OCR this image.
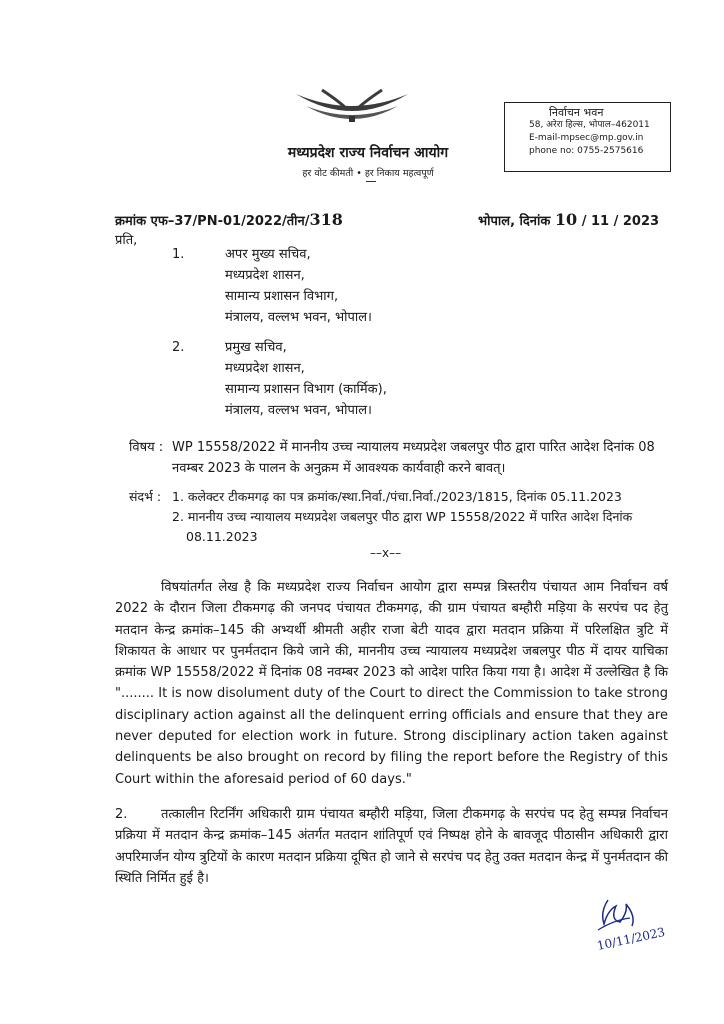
मध्यप्रदेश राज्य निर्वाचन आयोग
हर वोट कीमती • हर निकाय महत्वपूर्ण
निर्वाचन भवन
58, अरेरा हिल्स, भोपाल–462011
E-mail-mpsec@mp.gov.in
phone no: 0755-2575616
क्रमांक एफ–37/PN-01/2022/तीन/318	भोपाल, दिनांक 10 / 11 / 2023
प्रति,
1.	अपर मुख्य सचिव,
मध्यप्रदेश शासन,
सामान्य प्रशासन विभाग,
मंत्रालय, वल्लभ भवन, भोपाल।
2.	प्रमुख सचिव,
मध्यप्रदेश शासन,
सामान्य प्रशासन विभाग (कार्मिक),
मंत्रालय, वल्लभ भवन, भोपाल।
विषय : WP 15558/2022 में माननीय उच्च न्यायालय मध्यप्रदेश जबलपुर पीठ द्वारा पारित आदेश दिनांक 08 नवम्बर 2023 के पालन के अनुक्रम में आवश्यक कार्यवाही करने बावत्।
संदर्भ : 1. कलेक्टर टीकमगढ़ का पत्र क्रमांक/स्था.निर्वा./पंचा.निर्वा./2023/1815, दिनांक 05.11.2023
2. माननीय उच्च न्यायालय मध्यप्रदेश जबलपुर पीठ द्वारा WP 15558/2022 में पारित आदेश दिनांक 08.11.2023
––x––
विषयांतर्गत लेख है कि मध्यप्रदेश राज्य निर्वाचन आयोग द्वारा सम्पन्न त्रिस्तरीय पंचायत आम निर्वाचन वर्ष 2022 के दौरान जिला टीकमगढ़ की जनपद पंचायत टीकमगढ़, की ग्राम पंचायत बम्हौरी मड़िया के सरपंच पद हेतु मतदान केन्द्र क्रमांक–145 की अभ्यर्थी श्रीमती अहीर राजा बेटी यादव द्वारा मतदान प्रक्रिया में परिलक्षित त्रुटि में शिकायत के आधार पर पुनर्मतदान किये जाने की, माननीय उच्च न्यायालय मध्यप्रदेश जबलपुर पीठ में दायर याचिका क्रमांक WP 15558/2022 में दिनांक 08 नवम्बर 2023 को आदेश पारित किया गया है। आदेश में उल्लेखित है कि "........ It is now disolument duty of the Court to direct the Commission to take strong disciplinary action against all the delinquent erring officials and ensure that they are never deputed for election work in future. Strong disciplinary action taken against delinquents be also brought on record by filing the report before the Registry of this Court within the aforesaid period of 60 days."
2.	तत्कालीन रिटर्निंग अधिकारी ग्राम पंचायत बम्हौरी मड़िया, जिला टीकमगढ़ के सरपंच पद हेतु सम्पन्न निर्वाचन प्रक्रिया में मतदान केन्द्र क्रमांक–145 अंतर्गत मतदान शांतिपूर्ण एवं निष्पक्ष होने के बावजूद पीठासीन अधिकारी द्वारा अपरिमार्जन योग्य त्रुटियों के कारण मतदान प्रक्रिया दूषित हो जाने से सरपंच पद हेतु उक्त मतदान केन्द्र में पुनर्मतदान की स्थिति निर्मित हुई है।
10/11/2023
